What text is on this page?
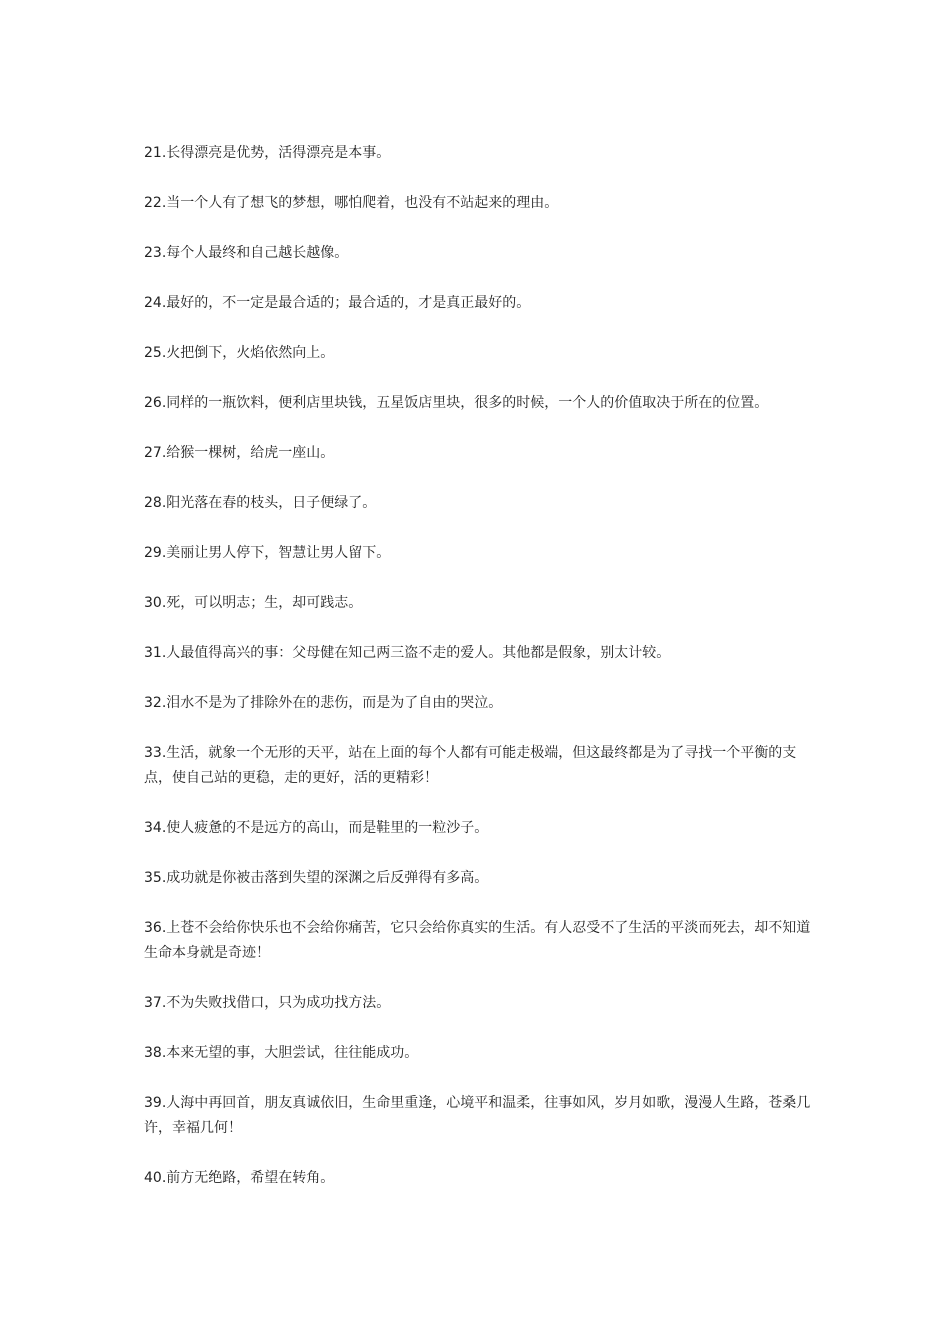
21.长得漂亮是优势，活得漂亮是本事。
22.当一个人有了想飞的梦想，哪怕爬着，也没有不站起来的理由。
23.每个人最终和自己越长越像。
24.最好的，不一定是最合适的；最合适的，才是真正最好的。
25.火把倒下，火焰依然向上。
26.同样的一瓶饮料，便利店里块钱，五星饭店里块，很多的时候，一个人的价值取决于所在的位置。
27.给猴一棵树，给虎一座山。
28.阳光落在春的枝头，日子便绿了。
29.美丽让男人停下，智慧让男人留下。
30.死，可以明志；生，却可践志。
31.人最值得高兴的事：父母健在知己两三盗不走的爱人。其他都是假象，别太计较。
32.泪水不是为了排除外在的悲伤，而是为了自由的哭泣。
33.生活，就象一个无形的天平，站在上面的每个人都有可能走极端，但这最终都是为了寻找一个平衡的支点，使自己站的更稳，走的更好，活的更精彩！
34.使人疲惫的不是远方的高山，而是鞋里的一粒沙子。
35.成功就是你被击落到失望的深渊之后反弹得有多高。
36.上苍不会给你快乐也不会给你痛苦，它只会给你真实的生活。有人忍受不了生活的平淡而死去，却不知道生命本身就是奇迹！
37.不为失败找借口，只为成功找方法。
38.本来无望的事，大胆尝试，往往能成功。
39.人海中再回首，朋友真诚依旧，生命里重逢，心境平和温柔，往事如风，岁月如歌，漫漫人生路，苍桑几许，幸福几何！
40.前方无绝路，希望在转角。
